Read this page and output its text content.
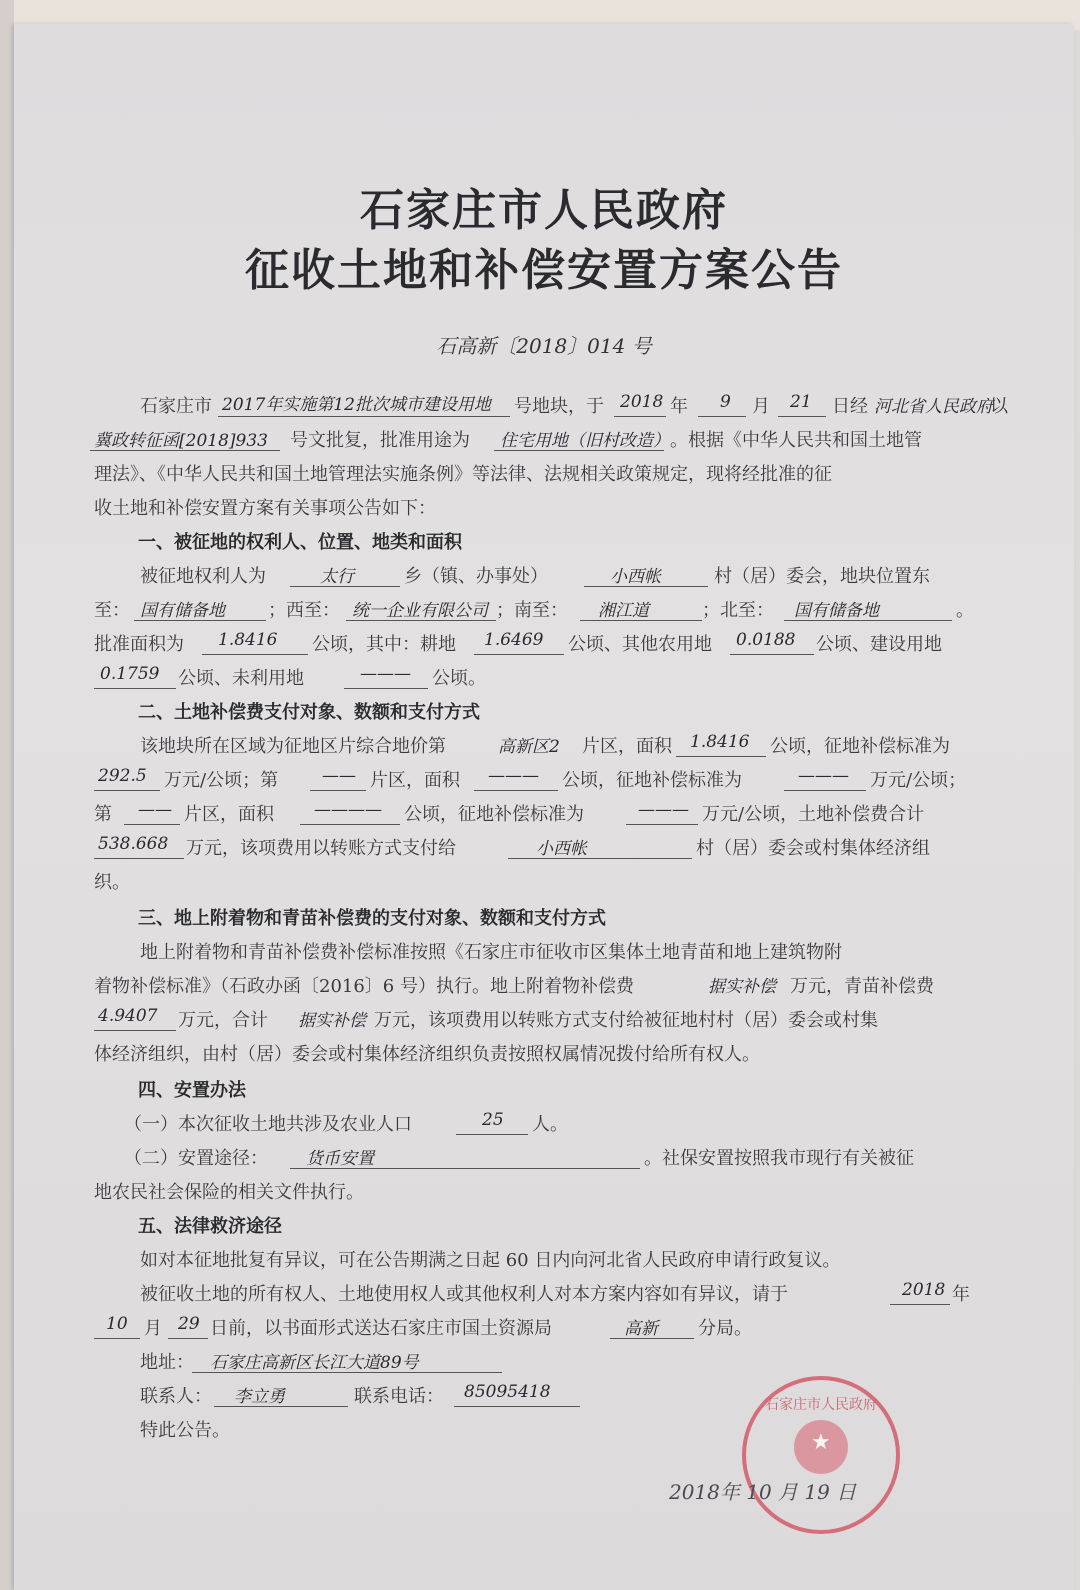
石家庄市人民政府
征收土地和补偿安置方案公告
石高新〔2018〕014 号
石家庄市 2017年实施第12批次城市建设用地 号地块，于 2018 年 9 月 21 日经 河北省人民政府
以
冀政转征函[2018]933 号文批复，批准用途为 住宅用地（旧村改造） 。根据《中华人民共和国土地管
理法》、《中华人民共和国土地管理法实施条例》等法律、法规相关政策规定，现将经批准的征
收土地和补偿安置方案有关事项公告如下：
一、被征地的权利人、位置、地类和面积
被征地权利人为	太行	乡（镇、办事处）	小西帐	村（居）委会，地块位置东
至： 国有储备地 ；西至： 统一企业有限公司 ；南至： 湘江道	；北至： 国有储备地	。
批准面积为 1.8416 公顷，其中：耕地 1.6469 公顷、其他农用地 0.0188 公顷、建设用地
0.1759 公顷、未利用地	——— 公顷。
二、土地补偿费支付对象、数额和支付方式
该地块所在区域为征地区片综合地价第	高新区2 片区，面积 1.8416 公顷，征地补偿标准为
292.5 万元/公顷；第	—— 片区，面积 ——— 公顷，征地补偿标准为	——— 万元/公顷；
第 —— 片区，面积 ———— 公顷，征地补偿标准为	——— 万元/公顷，土地补偿费合计
538.668 万元，该项费用以转账方式支付给	小西帐	村（居）委会或村集体经济组
织。
三、地上附着物和青苗补偿费的支付对象、数额和支付方式
地上附着物和青苗补偿费补偿标准按照《石家庄市征收市区集体土地青苗和地上建筑物附
着物补偿标准》（石政办函〔2016〕6 号）执行。地上附着物补偿费	据实补偿 万元，青苗补偿费
4.9407 万元，合计 据实补偿 万元，该项费用以转账方式支付给被征地村村（居）委会或村集
体经济组织，由村（居）委会或村集体经济组织负责按照权属情况拨付给所有权人。
四、安置办法
（一）本次征收土地共涉及农业人口	25 人。
（二）安置途径： 货币安置	。社保安置按照我市现行有关被征
地农民社会保险的相关文件执行。
五、法律救济途径
如对本征地批复有异议，可在公告期满之日起 60 日内向河北省人民政府申请行政复议。
被征收土地的所有权人、土地使用权人或其他权利人对本方案内容如有异议，请于	2018 年
10 月 29 日前，以书面形式送达石家庄市国土资源局	高新 分局。
地址： 石家庄高新区长江大道89号
联系人： 李立勇	联系电话： 85095418
特此公告。
石家庄市人民政府
★
2018年 10 月 19 日
